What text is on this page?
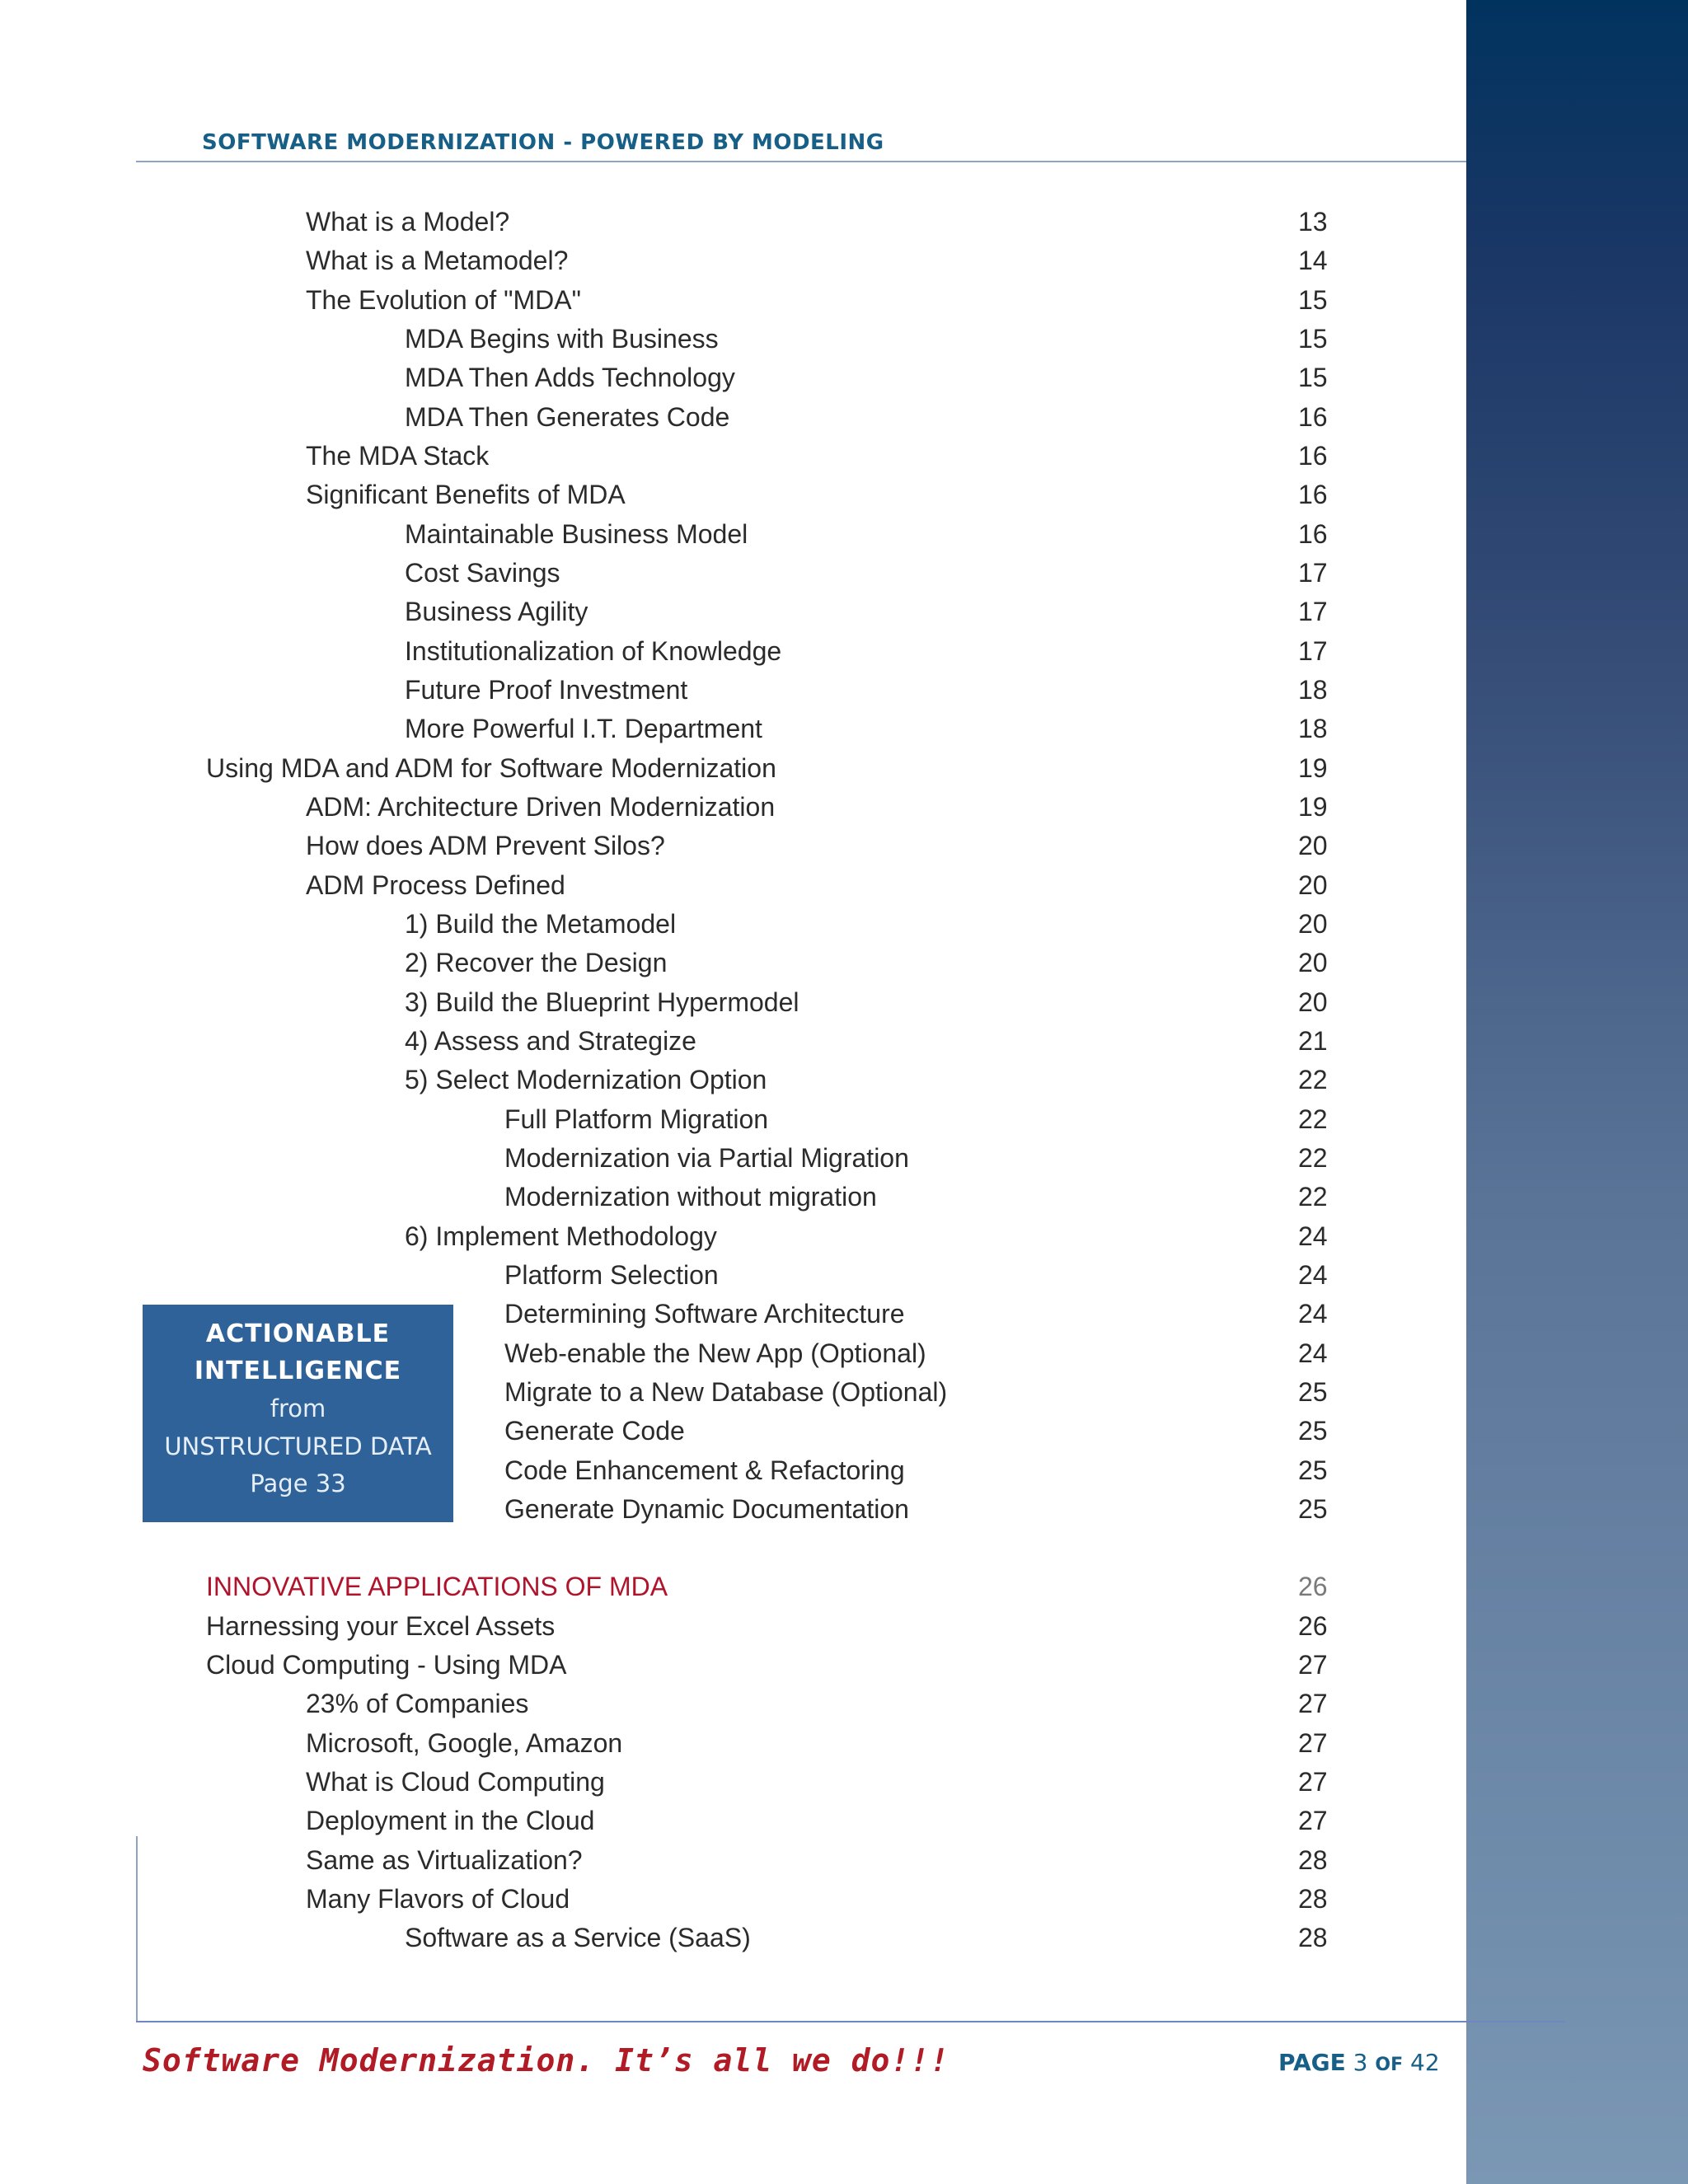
SOFTWARE MODERNIZATION - POWERED BY MODELING
What is a Model?	13
What is a Metamodel?	14
The Evolution of "MDA"	15
MDA Begins with Business	15
MDA Then Adds Technology	15
MDA Then Generates Code	16
The MDA Stack	16
Significant Benefits of MDA	16
Maintainable Business Model	16
Cost Savings	17
Business Agility	17
Institutionalization of Knowledge	17
Future Proof Investment	18
More Powerful I.T. Department	18
Using MDA and ADM for Software Modernization	19
ADM: Architecture Driven Modernization	19
How does ADM Prevent Silos?	20
ADM Process Defined	20
1) Build the Metamodel	20
2) Recover the Design	20
3) Build the Blueprint Hypermodel	20
4) Assess and Strategize	21
5) Select Modernization Option	22
Full Platform Migration	22
Modernization via Partial Migration	22
Modernization without migration	22
6) Implement Methodology	24
Platform Selection	24
Determining Software Architecture	24
Web-enable the New App (Optional)	24
Migrate to a New Database (Optional)	25
Generate Code	25
Code Enhancement & Refactoring	25
Generate Dynamic Documentation	25
INNOVATIVE APPLICATIONS OF MDA	26
Harnessing your Excel Assets	26
Cloud Computing - Using MDA	27
23% of Companies	27
Microsoft, Google, Amazon	27
What is Cloud Computing	27
Deployment in the Cloud	27
Same as Virtualization?	28
Many Flavors of Cloud	28
Software as a Service (SaaS)	28
ACTIONABLE
INTELLIGENCE
from
UNSTRUCTURED DATA
Page 33
Software Modernization. It’s all we do!!!	PAGE 3 OF 42
